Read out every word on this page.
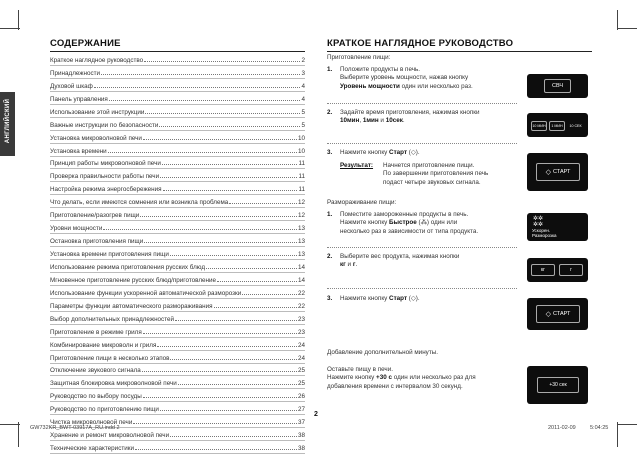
АНГЛИЙСКИЙ
СОДЕРЖАНИЕ
Краткое наглядное руководство	2
Принадлежности	3
Духовой шкаф	4
Панель управления	4
Использование этой инструкции	5
Важные инструкции по безопасности	5
Установка микроволновой печи	10
Установка времени	10
Принцип работы микроволновой печи	11
Проверка правильности работы печи	11
Настройка режима энергосбережения	11
Что делать, если имеются сомнения или возникла проблема	12
Приготовление/разогрев пищи	12
Уровни мощности	13
Остановка приготовления пищи	13
Установка времени приготовления пищи	13
Использование режима приготовления русских блюд	14
Мгновенное приготовление русских блюд/приготовление	14
Использование функции ускоренной автоматической разморозки	22
Параметры функции автоматического размораживания	22
Выбор дополнительных принадлежностей	23
Приготовление в режиме гриля	23
Комбинирование микроволн и гриля	24
Приготовление пищи в несколько этапов	24
Отключение звукового сигнала	25
Защитная блокировка микроволновой печи	25
Руководство по выбору посуды	26
Руководство по приготовлению пищи	27
Чистка микроволновой печи	37
Хранение и ремонт микроволновой печи	38
Технические характеристики	38
КРАТКОЕ НАГЛЯДНОЕ РУКОВОДСТВО
Приготовление пищи:
1. Положите продукты в печь.
Выберите уровень мощности, нажав кнопку
Уровень мощности один или несколько раз.	СВЧ
2. Задайте время приготовления, нажимая кнопки
10мин, 1мин и 10сек.
10 МИН	1 МИН	10 СЕК
3. Нажмите кнопку Старт (◇).
Результат: Начнется приготовление пищи.
По завершении приготовления печь
подаст четыре звуковых сигнала.
◇ СТАРТ
Размораживание пищи:
1. Поместите замороженные продукты в печь.
Нажмите кнопку Быстрое (⁂) один или
несколько раз в зависимости от типа продукта.
✲✲
✲✲
Ускорен.
Разморозка
2. Выберите вес продукта, нажимая кнопки
кг и г.
кг	г
3. Нажмите кнопку Старт (◇).
◇ СТАРТ
Добавление дополнительной минуты.
Оставьте пищу в печи.
Нажмите кнопку +30 с один или несколько раз для
добавления времени с интервалом 30 секунд.	+30 сек
2
GW732KR_BWT-03917A_RU.indd 2	2011-02-09	5:04:25
